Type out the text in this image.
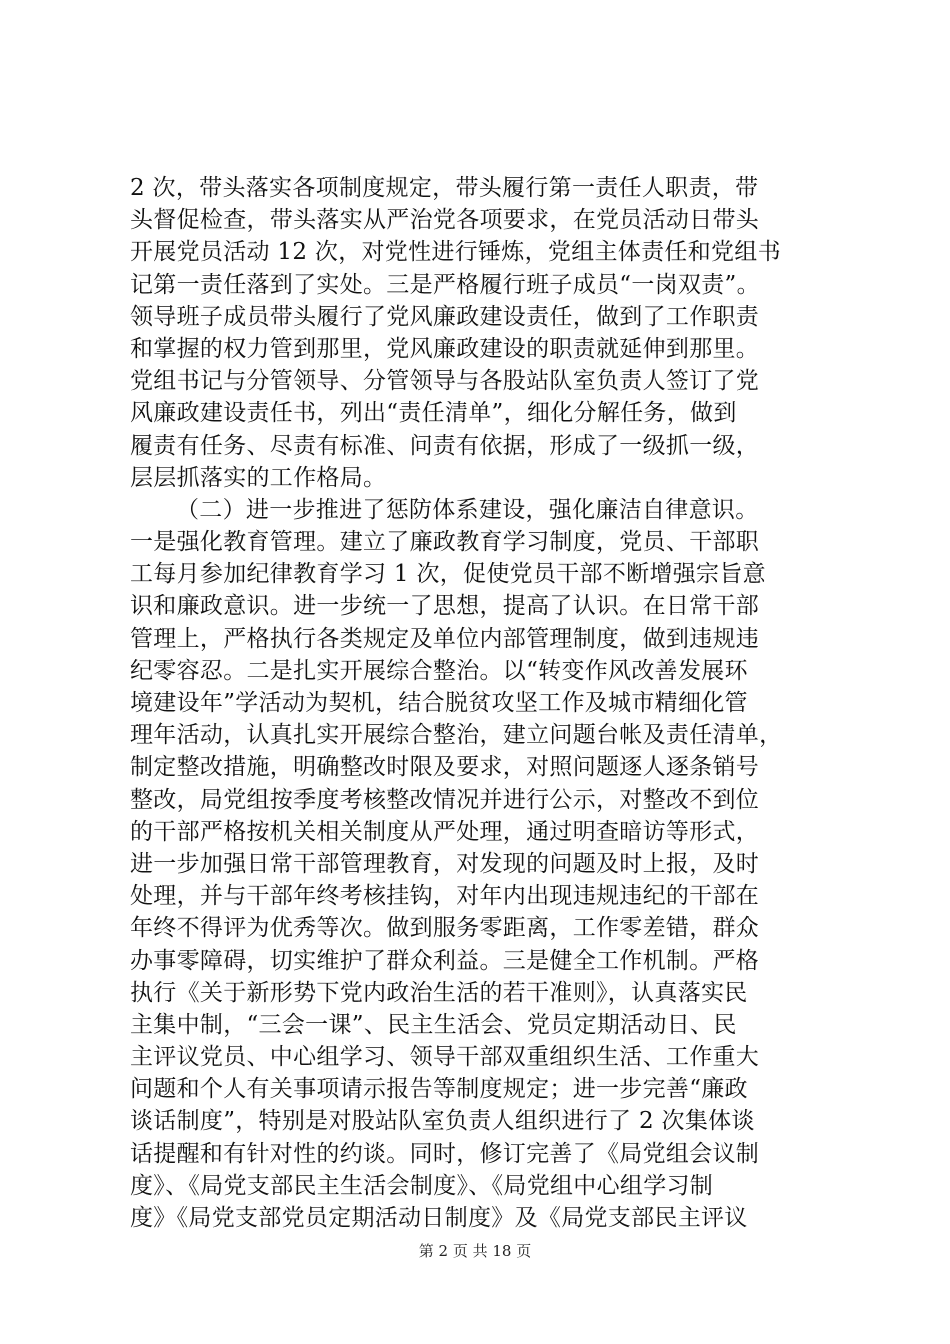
2 次，带头落实各项制度规定，带头履行第一责任人职责，带
头督促检查，带头落实从严治党各项要求，在党员活动日带头
开展党员活动 12 次，对党性进行锤炼，党组主体责任和党组书
记第一责任落到了实处。三是严格履行班子成员“一岗双责”。
领导班子成员带头履行了党风廉政建设责任，做到了工作职责
和掌握的权力管到那里，党风廉政建设的职责就延伸到那里。
党组书记与分管领导、分管领导与各股站队室负责人签订了党
风廉政建设责任书，列出“责任清单”，细化分解任务，做到
履责有任务、尽责有标准、问责有依据，形成了一级抓一级，
层层抓落实的工作格局。
（二）进一步推进了惩防体系建设，强化廉洁自律意识。
一是强化教育管理。建立了廉政教育学习制度，党员、干部职
工每月参加纪律教育学习 1 次，促使党员干部不断增强宗旨意
识和廉政意识。进一步统一了思想，提高了认识。在日常干部
管理上，严格执行各类规定及单位内部管理制度，做到违规违
纪零容忍。二是扎实开展综合整治。以“转变作风改善发展环
境建设年”学活动为契机，结合脱贫攻坚工作及城市精细化管
理年活动，认真扎实开展综合整治，建立问题台帐及责任清单，
制定整改措施，明确整改时限及要求，对照问题逐人逐条销号
整改，局党组按季度考核整改情况并进行公示，对整改不到位
的干部严格按机关相关制度从严处理，通过明查暗访等形式，
进一步加强日常干部管理教育，对发现的问题及时上报，及时
处理，并与干部年终考核挂钩，对年内出现违规违纪的干部在
年终不得评为优秀等次。做到服务零距离，工作零差错，群众
办事零障碍，切实维护了群众利益。三是健全工作机制。严格
执行《关于新形势下党内政治生活的若干准则》，认真落实民
主集中制，“三会一课”、民主生活会、党员定期活动日、民
主评议党员、中心组学习、领导干部双重组织生活、工作重大
问题和个人有关事项请示报告等制度规定；进一步完善“廉政
谈话制度”，特别是对股站队室负责人组织进行了 2 次集体谈
话提醒和有针对性的约谈。同时，修订完善了《局党组会议制
度》、《局党支部民主生活会制度》、《局党组中心组学习制
度》《局党支部党员定期活动日制度》及《局党支部民主评议
第 2 页 共 18 页
